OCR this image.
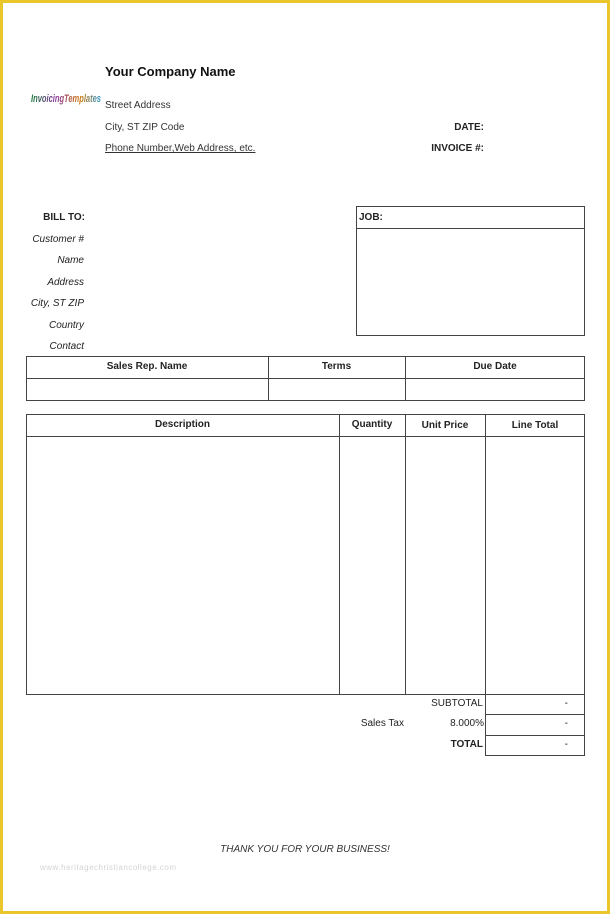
InvoicingTemplates
Your Company Name
Street Address
City, ST ZIP Code
Phone Number,Web Address, etc.
DATE:
INVOICE #:
BILL TO:
Customer #
Name
Address
City, ST ZIP
Country
Contact
JOB:
Sales Rep. Name	Terms	Due Date
Description	Quantity	Unit Price	Line Total
SUBTOTAL	-
Sales Tax	8.000%	-
TOTAL	-
THANK YOU FOR YOUR BUSINESS!
www.heritagechristiancollege.com
